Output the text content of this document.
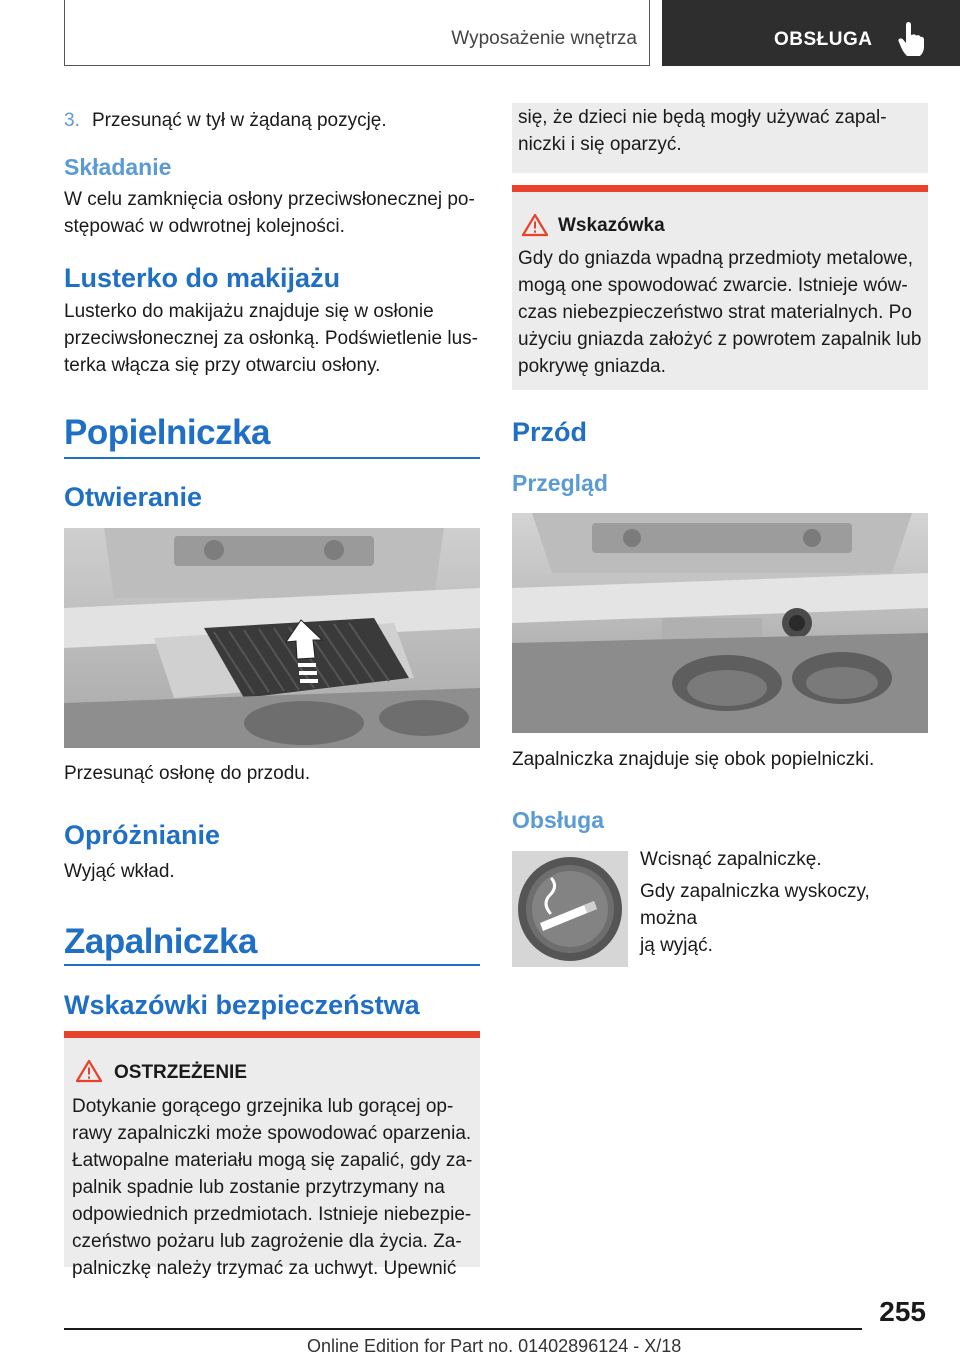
Wyposażenie wnętrza	OBSŁUGA
3. Przesunąć w tył w żądaną pozycję.
Składanie
W celu zamknięcia osłony przeciwsłonecznej po-
stępować w odwrotnej kolejności.
Lusterko do makijażu
Lusterko do makijażu znajduje się w osłonie
przeciwsłonecznej za osłonką. Podświetlenie lus-
terka włącza się przy otwarciu osłony.
Popielniczka
Otwieranie
Przesunąć osłonę do przodu.
Opróżnianie
Wyjąć wkład.
Zapalniczka
Wskazówki bezpieczeństwa
OSTRZEŻENIE
Dotykanie gorącego grzejnika lub gorącej op-
rawy zapalniczki może spowodować oparzenia.
Łatwopalne materiału mogą się zapalić, gdy za-
palnik spadnie lub zostanie przytrzymany na
odpowiednich przedmiotach. Istnieje niebezpie-
czeństwo pożaru lub zagrożenie dla życia. Za-
palniczkę należy trzymać za uchwyt. Upewnić
się, że dzieci nie będą mogły używać zapal-
niczki i się oparzyć.
Wskazówka
Gdy do gniazda wpadną przedmioty metalowe,
mogą one spowodować zwarcie. Istnieje wów-
czas niebezpieczeństwo strat materialnych. Po
użyciu gniazda założyć z powrotem zapalnik lub
pokrywę gniazda.
Przód
Przegląd
Zapalniczka znajduje się obok popielniczki.
Obsługa
Wcisnąć zapalniczkę.
Gdy zapalniczka wyskoczy, można
ją wyjąć.
255
Online Edition for Part no. 01402896124 - X/18
